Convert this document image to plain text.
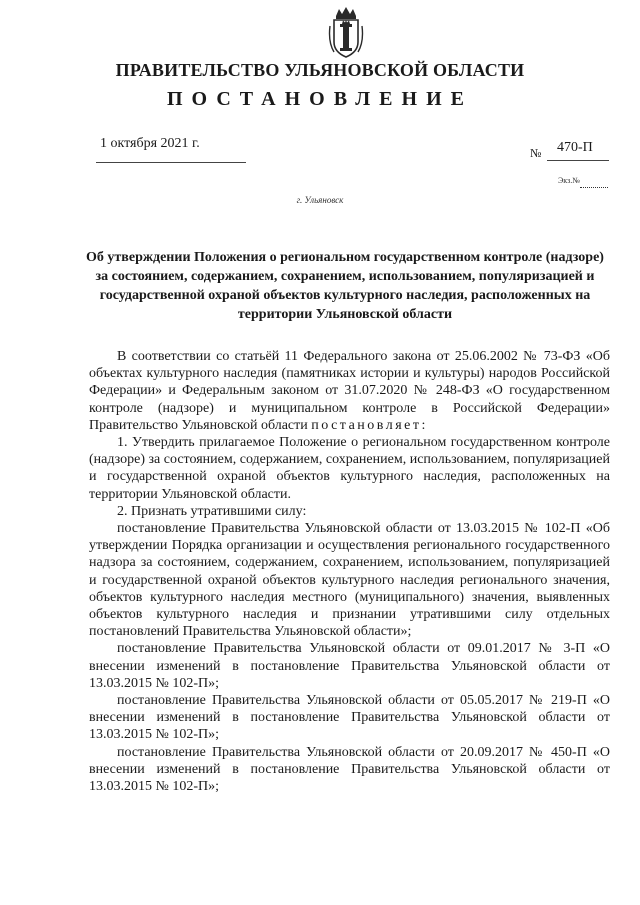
ПРАВИТЕЛЬСТВО УЛЬЯНОВСКОЙ ОБЛАСТИ
ПОСТАНОВЛЕНИЕ
1 октября 2021 г.
№ 470-П
Экз.№
г. Ульяновск
Об утверждении Положения о региональном государственном контроле (надзоре) за состоянием, содержанием, сохранением, использованием, популяризацией и государственной охраной объектов культурного наследия, расположенных на территории Ульяновской области

В соответствии со статьёй 11 Федерального закона от 25.06.2002 № 73-ФЗ «Об объектах культурного наследия (памятниках истории и культуры) народов Российской Федерации» и Федеральным законом от 31.07.2020 № 248-ФЗ «О государственном контроле (надзоре) и муниципальном контроле в Российской Федерации» Правительство Ульяновской области постановляет:

1. Утвердить прилагаемое Положение о региональном государственном контроле (надзоре) за состоянием, содержанием, сохранением, использованием, популяризацией и государственной охраной объектов культурного наследия, расположенных на территории Ульяновской области.

2. Признать утратившими силу:

постановление Правительства Ульяновской области от 13.03.2015 № 102-П «Об утверждении Порядка организации и осуществления регионального государственного надзора за состоянием, содержанием, сохранением, использованием, популяризацией и государственной охраной объектов культурного наследия регионального значения, объектов культурного наследия местного (муниципального) значения, выявленных объектов культурного наследия и признании утратившими силу отдельных постановлений Правительства Ульяновской области»;

постановление Правительства Ульяновской области от 09.01.2017 № 3-П «О внесении изменений в постановление Правительства Ульяновской области от 13.03.2015 № 102-П»;

постановление Правительства Ульяновской области от 05.05.2017 № 219-П «О внесении изменений в постановление Правительства Ульяновской области от 13.03.2015 № 102-П»;

постановление Правительства Ульяновской области от 20.09.2017 № 450-П «О внесении изменений в постановление Правительства Ульяновской области от 13.03.2015 № 102-П»;
